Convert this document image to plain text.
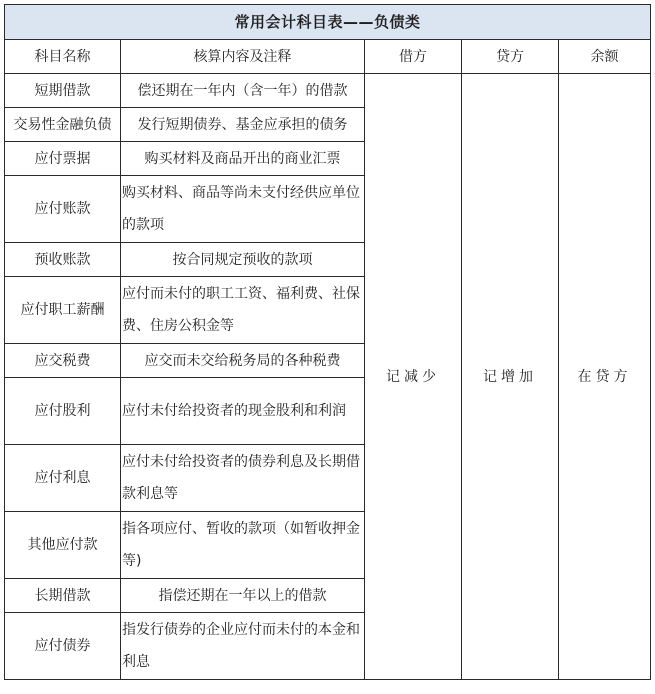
常用会计科目表——负债类				
科目名称	核算内容及注释	借方	贷方	余额
短期借款	偿还期在一年内（含一年）的借款	记减少	记增加	在贷方
交易性金融负债	发行短期债券、基金应承担的债务			
应付票据	购买材料及商品开出的商业汇票			
应付账款	购买材料、商品等尚未支付经供应单位的款项			
预收账款	按合同规定预收的款项			
应付职工薪酬	应付而未付的职工工资、福利费、社保费、住房公积金等			
应交税费	应交而未交给税务局的各种税费			
应付股利	应付未付给投资者的现金股利和利润			
应付利息	应付未付给投资者的债券利息及长期借款利息等			
其他应付款	指各项应付、暂收的款项（如暂收押金等)			
长期借款	指偿还期在一年以上的借款			
应付债券	指发行债券的企业应付而未付的本金和利息			
